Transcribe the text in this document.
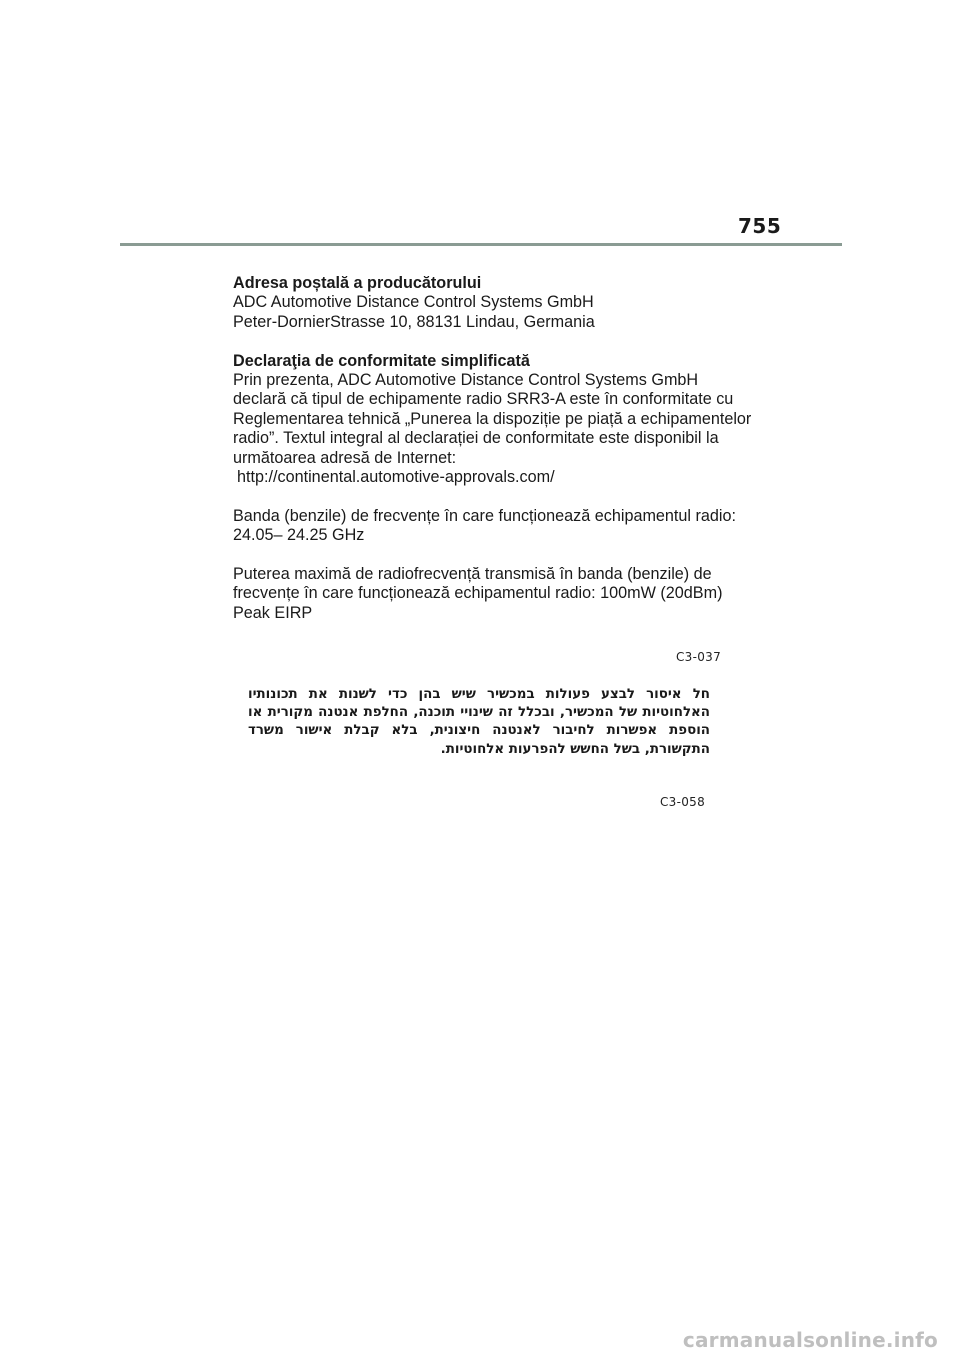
755

Adresa poștală a producătorului
ADC Automotive Distance Control Systems GmbH
Peter-DornierStrasse 10, 88131 Lindau, Germania

Declaraţia de conformitate simplificată
Prin prezenta, ADC Automotive Distance Control Systems GmbH
declară că tipul de echipamente radio SRR3-A este în conformitate cu
Reglementarea tehnică „Punerea la dispoziție pe piață a echipamentelor
radio”. Textul integral al declarației de conformitate este disponibil la
următoarea adresă de Internet:
http://continental.automotive-approvals.com/

Banda (benzile) de frecvențe în care funcționează echipamentul radio:
24.05– 24.25 GHz

Puterea maximă de radiofrecvență transmisă în banda (benzile) de
frecvențe în care funcționează echipamentul radio: 100mW (20dBm)
Peak EIRP

C3-037
חל איסור לבצע פעולות במכשיר שיש בהן כדי לשנות את תכונותיו האלחוטיות של המכשיר, ובכלל זה שינויי תוכנה, החלפת אנטנה מקורית או הוספת אפשרות לחיבור לאנטנה חיצונית, בלא קבלת אישור משרד התקשורת, בשל החשש להפרעות אלחוטיות.
C3-058
carmanualsonline.info
